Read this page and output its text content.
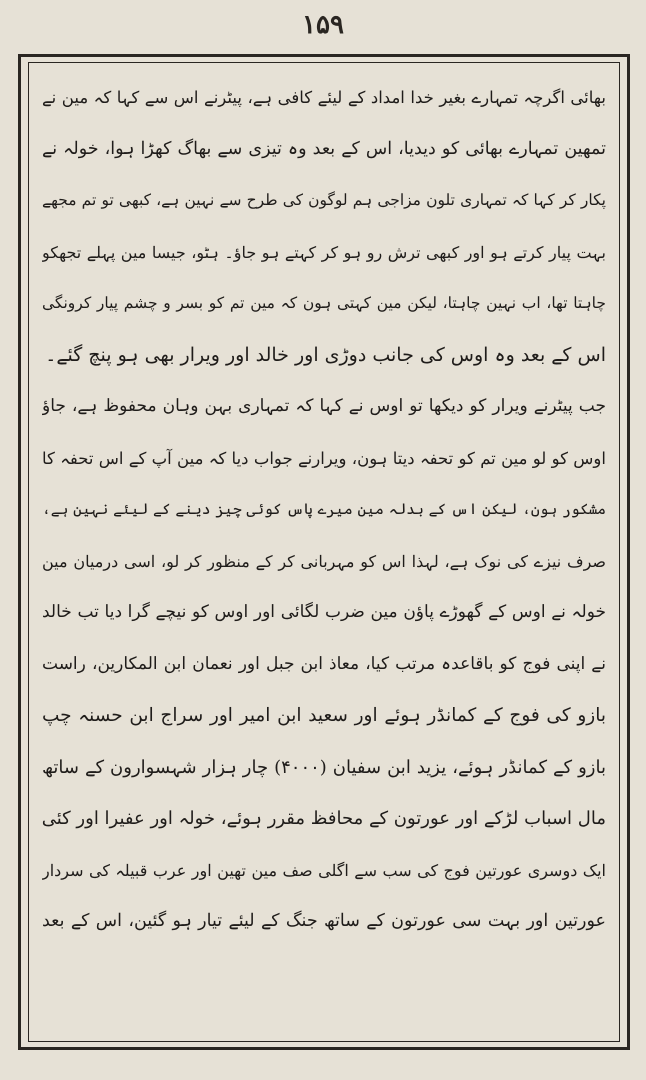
۱۵۹
بھائی اگرچہ تمہارے بغیر خدا امداد کے لیئے کافی ہے، پیٹرنے اس سے کہا کہ مین نے
تمھین تمہارے بھائی کو دیدیا، اس کے بعد وہ تیزی سے بھاگ کھڑا ہوا، خولہ نے
پکار کر کہا کہ تمہاری تلون مزاجی ہم لوگون کی طرح سے نہین ہے، کبھی تو تم مجھے
بہت پیار کرتے ہو اور کبھی ترش رو ہو کر کہتے ہو جاؤ۔ ہٹو، جیسا مین پہلے تجھکو
چاہتا تھا، اب نہین چاہتا، لیکن مین کہتی ہون کہ مین تم کو بسر و چشم پیار کرونگی
اس کے بعد وہ اوس کی جانب دوڑی اور خالد اور ویرار بھی ہو پنچ گئے۔
جب پیٹرنے ویرار کو دیکھا تو اوس نے کہا کہ تمہاری بہن وہان محفوظ ہے، جاؤ
اوس کو لو مین تم کو تحفہ دیتا ہون، ویرارنے جواب دیا کہ مین آپ کے اس تحفہ کا
مشکور ہون، لیکن اس کے بدلہ مین میرے پاس کوئی چیز دینے کے لیئے نہین ہے،
صرف نیزے کی نوک ہے، لہذا اس کو مہربانی کر کے منظور کر لو، اسی درمیان مین
خولہ نے اوس کے گھوڑے پاؤن مین ضرب لگائی اور اوس کو نیچے گرا دیا تب خالد
نے اپنی فوج کو باقاعدہ مرتب کیا، معاذ ابن جبل اور نعمان ابن المکارین، راست
بازو کی فوج کے کمانڈر ہوئے اور سعید ابن امیر اور سراج ابن حسنہ چپ
بازو کے کمانڈر ہوئے، یزید ابن سفیان (۴۰۰۰) چار ہزار شہسوارون کے ساتھ
مال اسباب لڑکے اور عورتون کے محافظ مقرر ہوئے، خولہ اور عفیرا اور کئی
ایک دوسری عورتین فوج کی سب سے اگلی صف مین تھین اور عرب قبیلہ کی سردار
عورتین اور بہت سی عورتون کے ساتھ جنگ کے لیئے تیار ہو گئین، اس کے بعد
